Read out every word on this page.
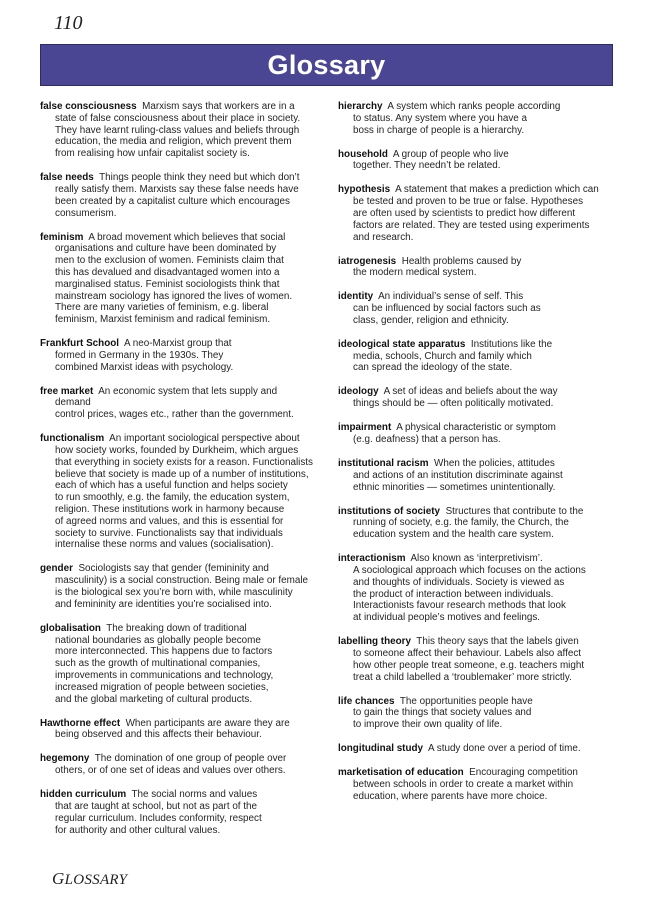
110
Glossary

false consciousness Marxism says that workers are in a
state of false consciousness about their place in society.
They have learnt ruling-class values and beliefs through
education, the media and religion, which prevent them
from realising how unfair capitalist society is.

false needs Things people think they need but which don’t
really satisfy them. Marxists say these false needs have
been created by a capitalist culture which encourages
consumerism.

feminism A broad movement which believes that social
organisations and culture have been dominated by
men to the exclusion of women. Feminists claim that
this has devalued and disadvantaged women into a
marginalised status. Feminist sociologists think that
mainstream sociology has ignored the lives of women.
There are many varieties of feminism, e.g. liberal
feminism, Marxist feminism and radical feminism.

Frankfurt School A neo-Marxist group that
formed in Germany in the 1930s. They
combined Marxist ideas with psychology.

free market An economic system that lets supply and demand
control prices, wages etc., rather than the government.

functionalism An important sociological perspective about
how society works, founded by Durkheim, which argues
that everything in society exists for a reason. Functionalists
believe that society is made up of a number of institutions,
each of which has a useful function and helps society
to run smoothly, e.g. the family, the education system,
religion. These institutions work in harmony because
of agreed norms and values, and this is essential for
society to survive. Functionalists say that individuals
internalise these norms and values (socialisation).

gender Sociologists say that gender (femininity and
masculinity) is a social construction. Being male or female
is the biological sex you’re born with, while masculinity
and femininity are identities you’re socialised into.

globalisation The breaking down of traditional
national boundaries as globally people become
more interconnected. This happens due to factors
such as the growth of multinational companies,
improvements in communications and technology,
increased migration of people between societies,
and the global marketing of cultural products.

Hawthorne effect When participants are aware they are
being observed and this affects their behaviour.

hegemony The domination of one group of people over
others, or of one set of ideas and values over others.

hidden curriculum The social norms and values
that are taught at school, but not as part of the
regular curriculum. Includes conformity, respect
for authority and other cultural values.

hierarchy A system which ranks people according
to status. Any system where you have a
boss in charge of people is a hierarchy.

household A group of people who live
together. They needn’t be related.

hypothesis A statement that makes a prediction which can
be tested and proven to be true or false. Hypotheses
are often used by scientists to predict how different
factors are related. They are tested using experiments
and research.

iatrogenesis Health problems caused by
the modern medical system.

identity An individual’s sense of self. This
can be influenced by social factors such as
class, gender, religion and ethnicity.

ideological state apparatus Institutions like the
media, schools, Church and family which
can spread the ideology of the state.

ideology A set of ideas and beliefs about the way
things should be — often politically motivated.

impairment A physical characteristic or symptom
(e.g. deafness) that a person has.

institutional racism When the policies, attitudes
and actions of an institution discriminate against
ethnic minorities — sometimes unintentionally.

institutions of society Structures that contribute to the
running of society, e.g. the family, the Church, the
education system and the health care system.

interactionism Also known as ‘interpretivism’.
A sociological approach which focuses on the actions
and thoughts of individuals. Society is viewed as
the product of interaction between individuals.
Interactionists favour research methods that look
at individual people’s motives and feelings.

labelling theory This theory says that the labels given
to someone affect their behaviour. Labels also affect
how other people treat someone, e.g. teachers might
treat a child labelled a ‘troublemaker’ more strictly.

life chances The opportunities people have
to gain the things that society values and
to improve their own quality of life.

longitudinal study A study done over a period of time.

marketisation of education Encouraging competition
between schools in order to create a market within
education, where parents have more choice.

GLOSSARY
